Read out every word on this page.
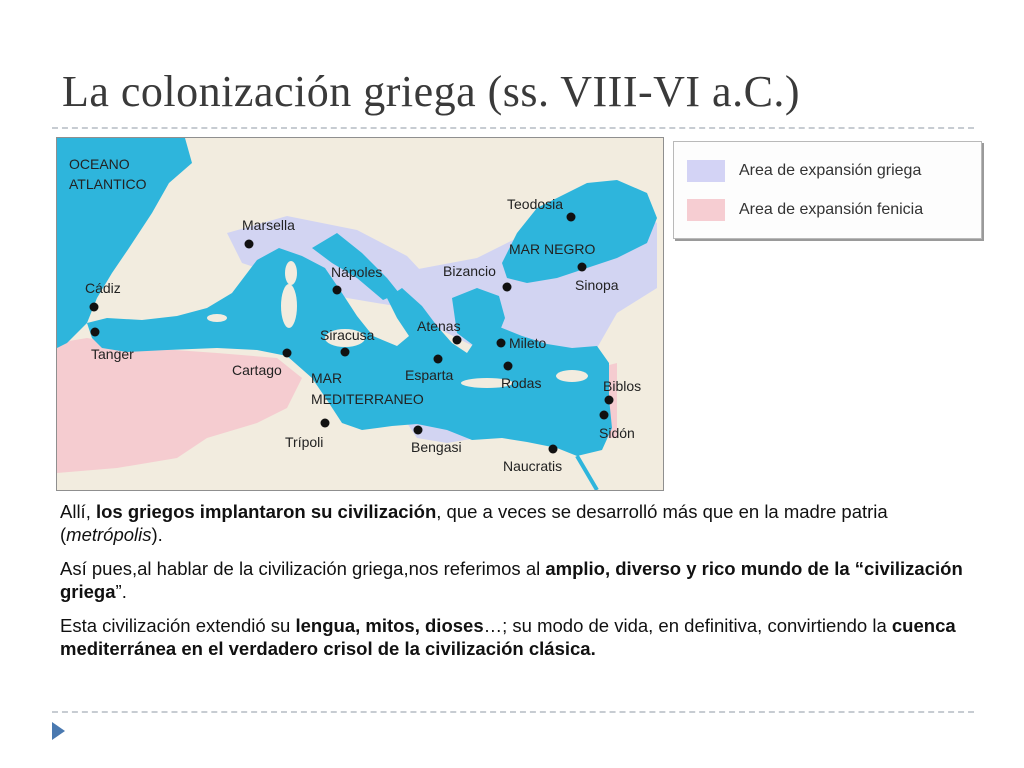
La colonización griega (ss. VIII-VI a.C.)
OCEANO ATLANTICO
MAR NEGRO
MAR MEDITERRANEO
Teodosia
Marsella
Nápoles	Bizancio
Sinopa
Cádiz
Tanger
Atenas
Mileto
Siracusa
Cartago	Esparta	Rodas	Biblos
Sidón
Trípoli	Bengasi
Naucratis
Area de expansión griega
Area de expansión fenicia

Allí, los griegos implantaron su civilización, que a veces se desarrolló más que en la madre patria (metrópolis).

Así pues,al hablar de la civilización griega,nos referimos al amplio, diverso y rico mundo de la “civilización griega”.

Esta civilización extendió su lengua, mitos, dioses…; su modo de vida, en definitiva, convirtiendo la cuenca mediterránea en el verdadero crisol de la civilización clásica.
